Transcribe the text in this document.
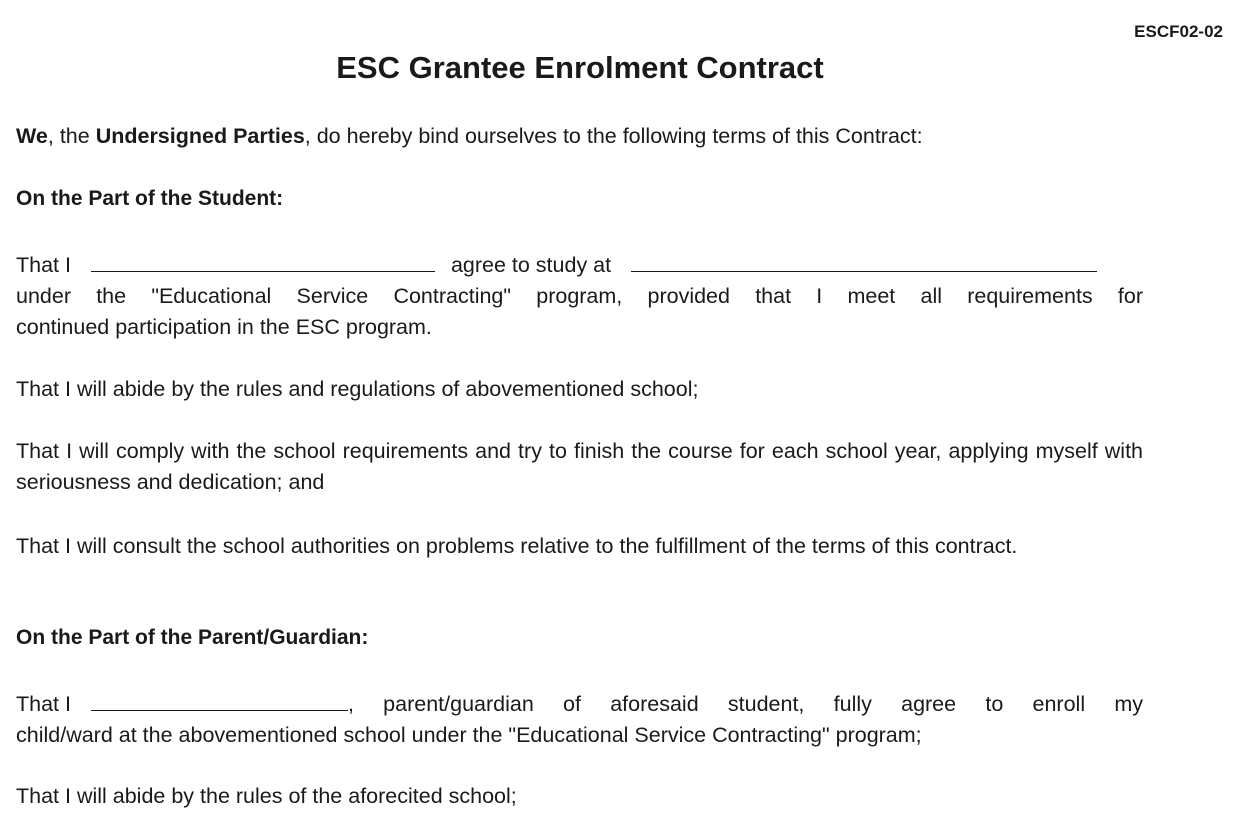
ESCF02-02
ESC Grantee Enrolment Contract

We, the Undersigned Parties, do hereby bind ourselves to the following terms of this Contract:

On the Part of the Student:
That I	agree to study at
under the "Educational Service Contracting" program, provided that I meet all requirements for
continued participation in the ESC program.

That I will abide by the rules and regulations of abovementioned school;

That I will comply with the school requirements and try to finish the course for each school year, applying myself with seriousness and dedication; and

That I will consult the school authorities on problems relative to the fulfillment of the terms of this contract.

On the Part of the Parent/Guardian:
That I	, parent/guardian of aforesaid student, fully agree to enroll my
child/ward at the abovementioned school under the "Educational Service Contracting" program;

That I will abide by the rules of the aforecited school;
